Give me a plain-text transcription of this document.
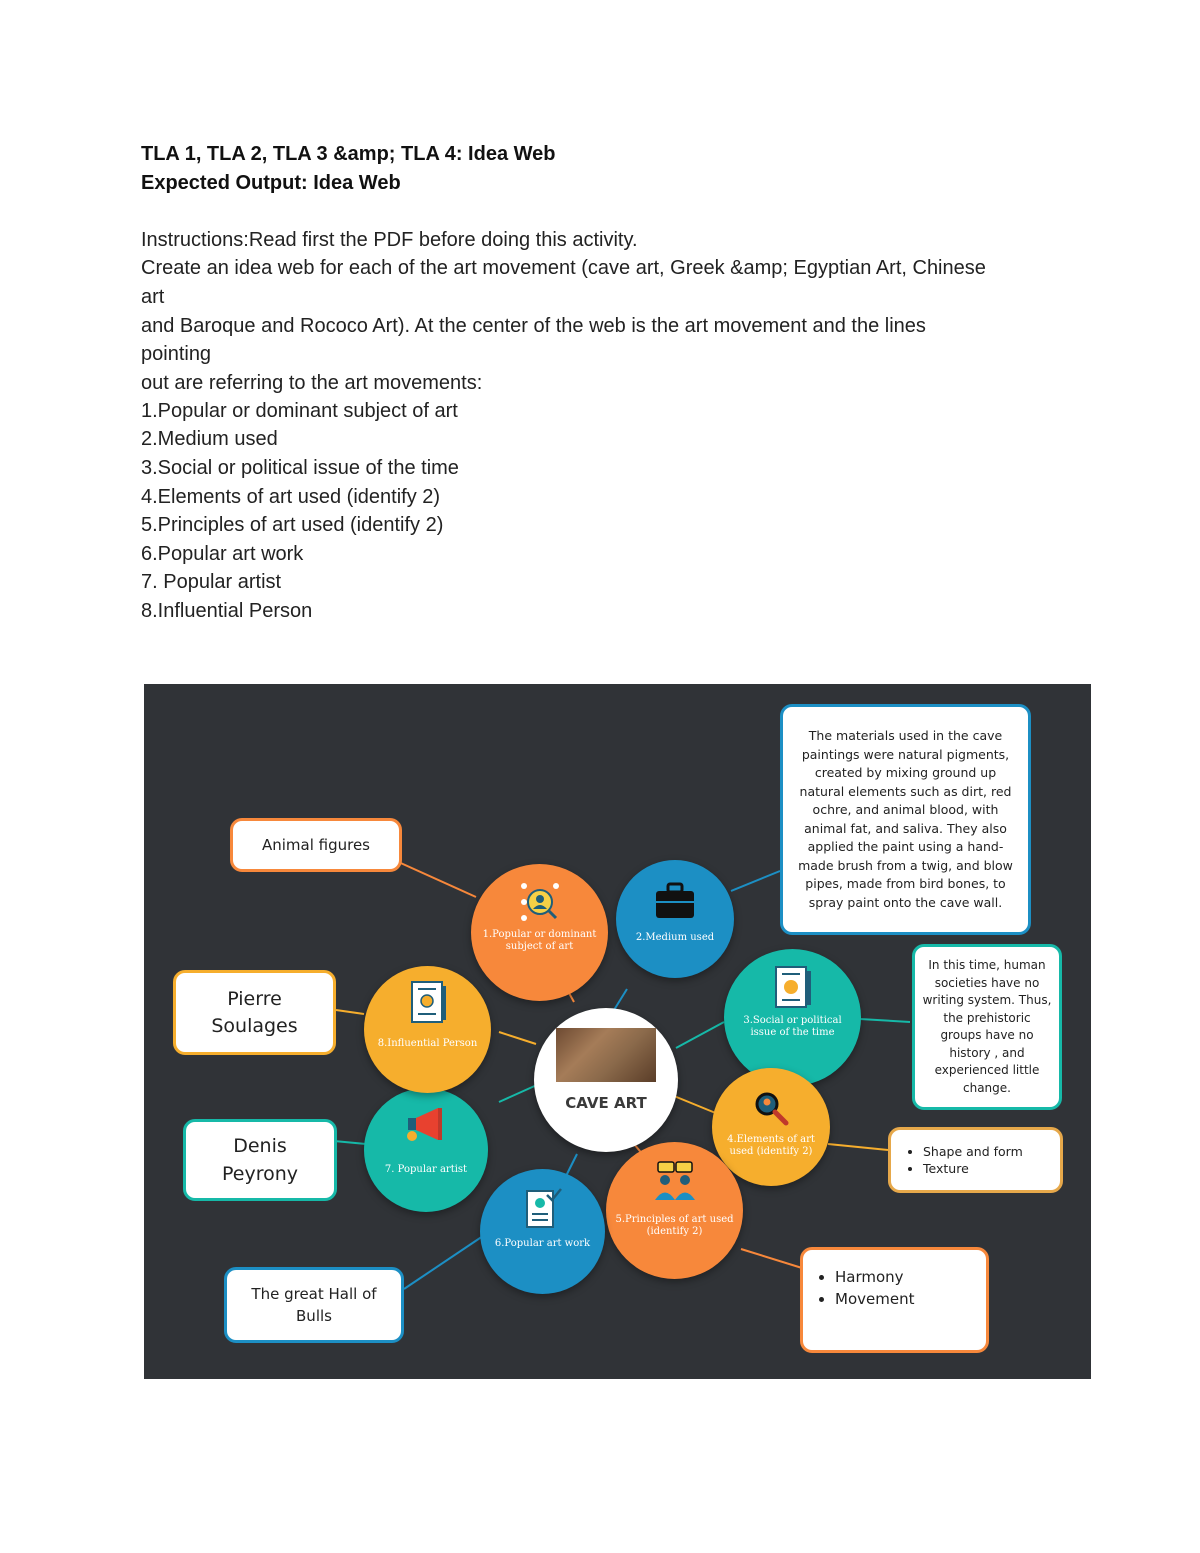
TLA 1, TLA 2, TLA 3 &amp; TLA 4: Idea Web
Expected Output: Idea Web
Instructions:Read first the PDF before doing this activity.
Create an idea web for each of the art movement (cave art, Greek &amp; Egyptian Art, Chinese
art
and Baroque and Rococo Art). At the center of the web is the art movement and the lines
pointing
out are referring to the art movements:
1.Popular or dominant subject of art
2.Medium used
3.Social or political issue of the time
4.Elements of art used (identify 2)
5.Principles of art used (identify 2)
6.Popular art work
7. Popular artist
8.Influential Person
CAVE ART
1.Popular or dominant subject of art
2.Medium used
3.Social or political issue of the time
4.Elements of art used (identify 2)
5.Principles of art used (identify 2)
6.Popular art work
7. Popular artist
8.Influential Person
Animal figures
The materials used in the cave paintings were natural pigments, created by mixing ground up natural elements such as dirt, red ochre, and animal blood, with animal fat, and saliva. They also applied the paint using a hand-made brush from a twig, and blow pipes, made from bird bones, to spray paint onto the cave wall.
In this time, human societies have no writing system. Thus, the prehistoric groups have no history , and experienced little change.
• Shape and form
• Texture
• Harmony
• Movement
The great Hall of Bulls
Denis Peyrony
Pierre Soulages
